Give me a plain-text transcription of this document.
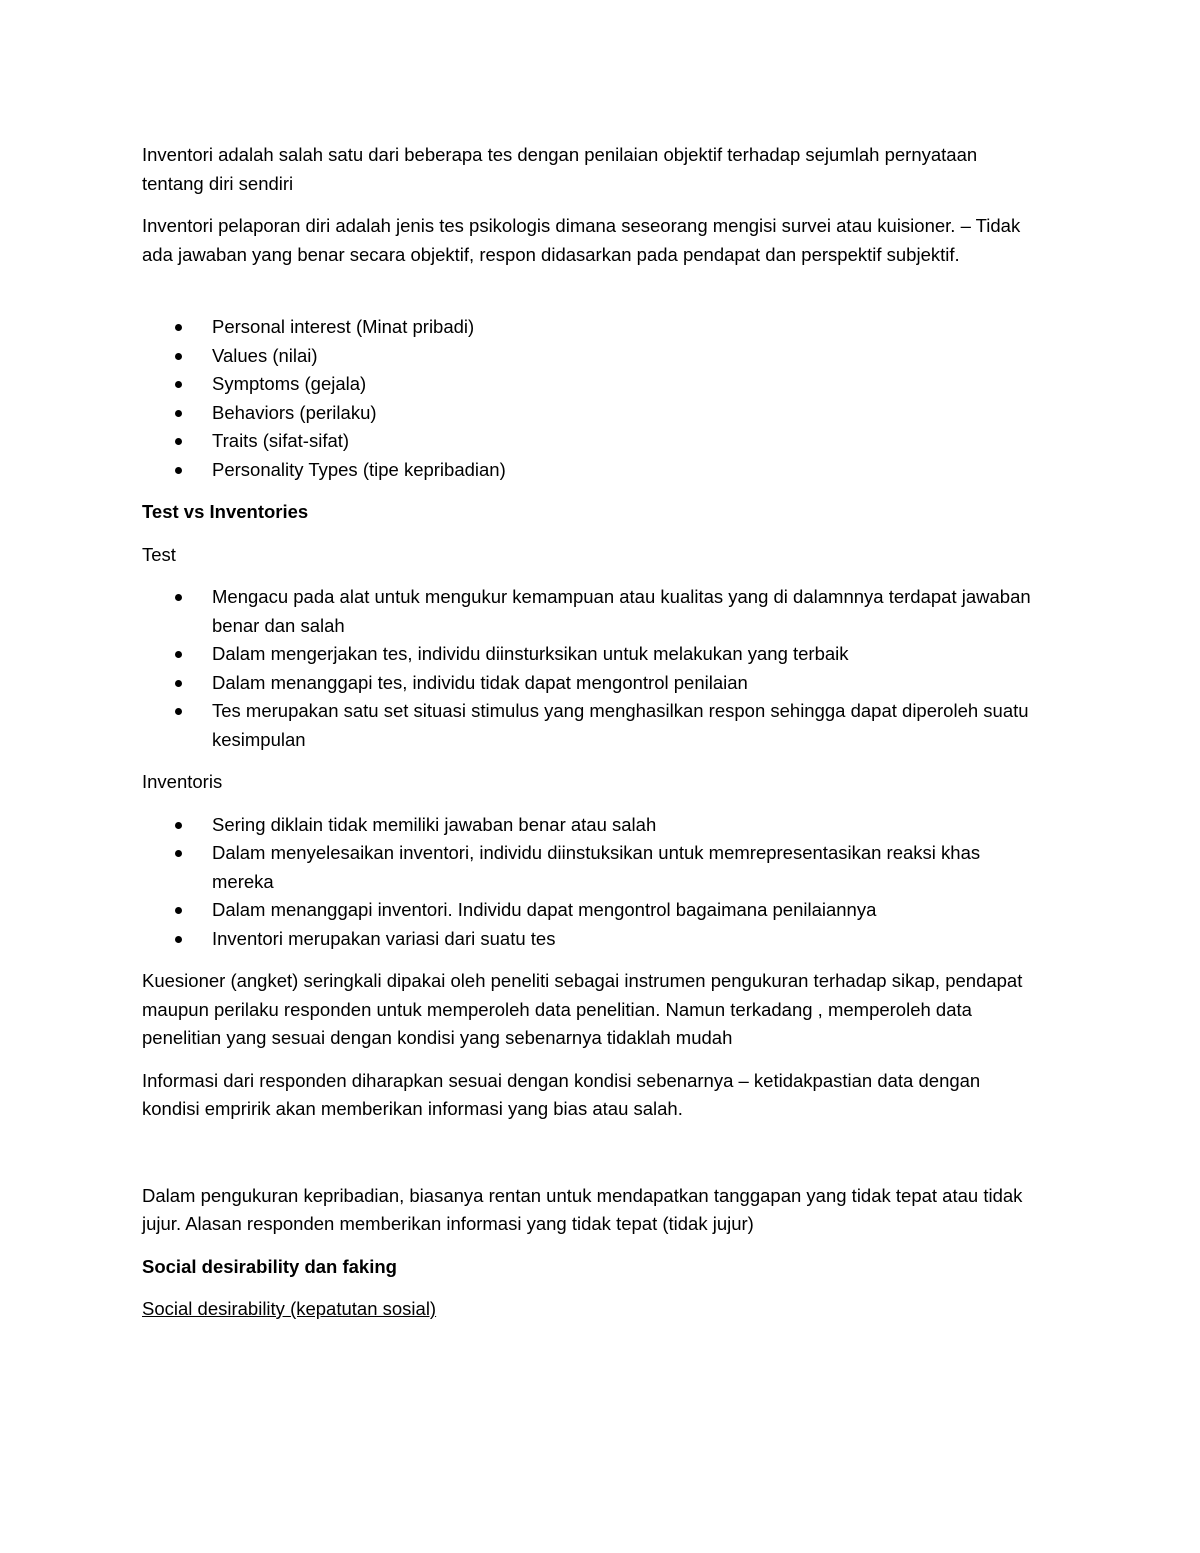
Inventori adalah salah satu dari beberapa tes dengan penilaian objektif terhadap sejumlah pernyataan tentang diri sendiri

Inventori pelaporan diri adalah jenis tes psikologis dimana seseorang mengisi survei atau kuisioner. – Tidak ada jawaban yang benar secara objektif, respon didasarkan pada pendapat dan perspektif subjektif.

Personal interest (Minat pribadi)
Values (nilai)
Symptoms (gejala)
Behaviors (perilaku)
Traits (sifat-sifat)
Personality Types (tipe kepribadian)

Test vs Inventories

Test

Mengacu pada alat untuk mengukur kemampuan atau kualitas yang di dalamnnya terdapat jawaban benar dan salah
Dalam mengerjakan tes, individu diinsturksikan untuk melakukan yang terbaik
Dalam menanggapi tes, individu tidak dapat mengontrol penilaian
Tes merupakan satu set situasi stimulus yang menghasilkan respon sehingga dapat diperoleh suatu kesimpulan

Inventoris

Sering diklain tidak memiliki jawaban benar atau salah
Dalam menyelesaikan inventori, individu diinstuksikan untuk memrepresentasikan reaksi khas mereka
Dalam menanggapi inventori. Individu dapat mengontrol bagaimana penilaiannya
Inventori merupakan variasi dari suatu tes

Kuesioner (angket) seringkali dipakai oleh peneliti sebagai instrumen pengukuran terhadap sikap, pendapat maupun perilaku responden untuk memperoleh data penelitian. Namun terkadang , memperoleh data penelitian yang sesuai dengan kondisi yang sebenarnya tidaklah mudah

Informasi dari responden diharapkan sesuai dengan kondisi sebenarnya – ketidakpastian data dengan kondisi empririk akan memberikan informasi yang bias atau salah.

Dalam pengukuran kepribadian, biasanya rentan untuk mendapatkan tanggapan yang tidak tepat atau tidak jujur. Alasan responden memberikan informasi yang tidak tepat (tidak jujur)

Social desirability dan faking

Social desirability (kepatutan sosial)
